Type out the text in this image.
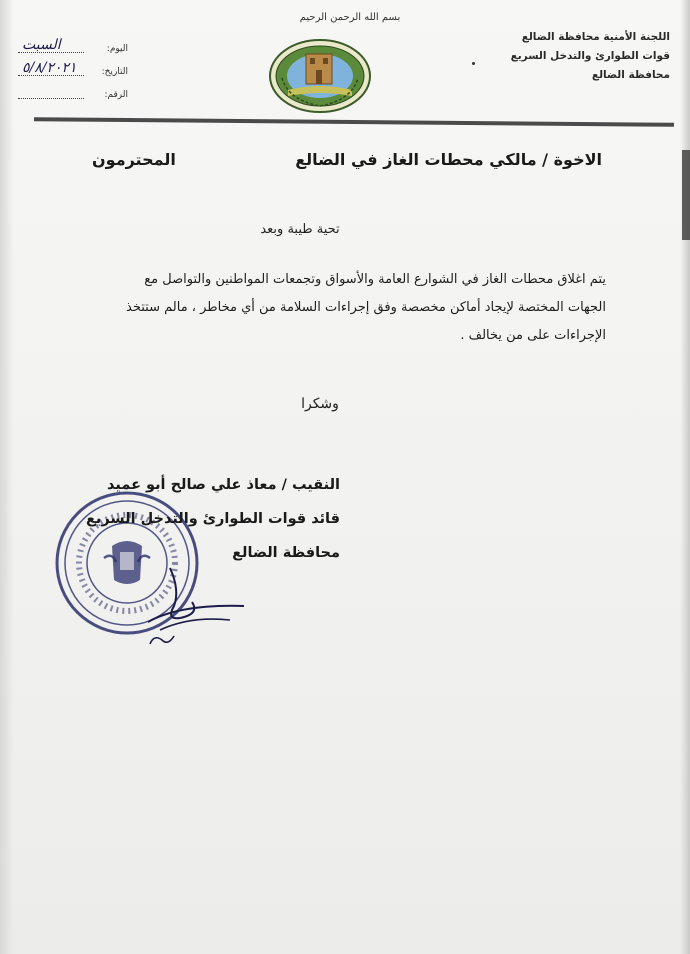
بسم الله الرحمن الرحيم
اللجنة الأمنية محافظة الضالع
قوات الطوارئ والتدخل السريع
محافظة الضالع
اليوم:
السبت
التاريخ:
٥/٨/٢٠٢١
الرقم:
الاخوة / مالكي محطات الغاز في الضالع
المحترمون
تحية طيبة وبعد
يتم اغلاق محطات الغاز في الشوارع العامة والأسواق وتجمعات المواطنين والتواصل مع
الجهات المختصة لإيجاد أماكن مخصصة وفق إجراءات السلامة من أي مخاطر ، مالم ستتخذ
الإجراءات على من يخالف .
وشكرا
النقيب / معاذ علي صالح أبو عميد
قائد قوات الطوارئ والتدخل السريع
محافظة الضالع
